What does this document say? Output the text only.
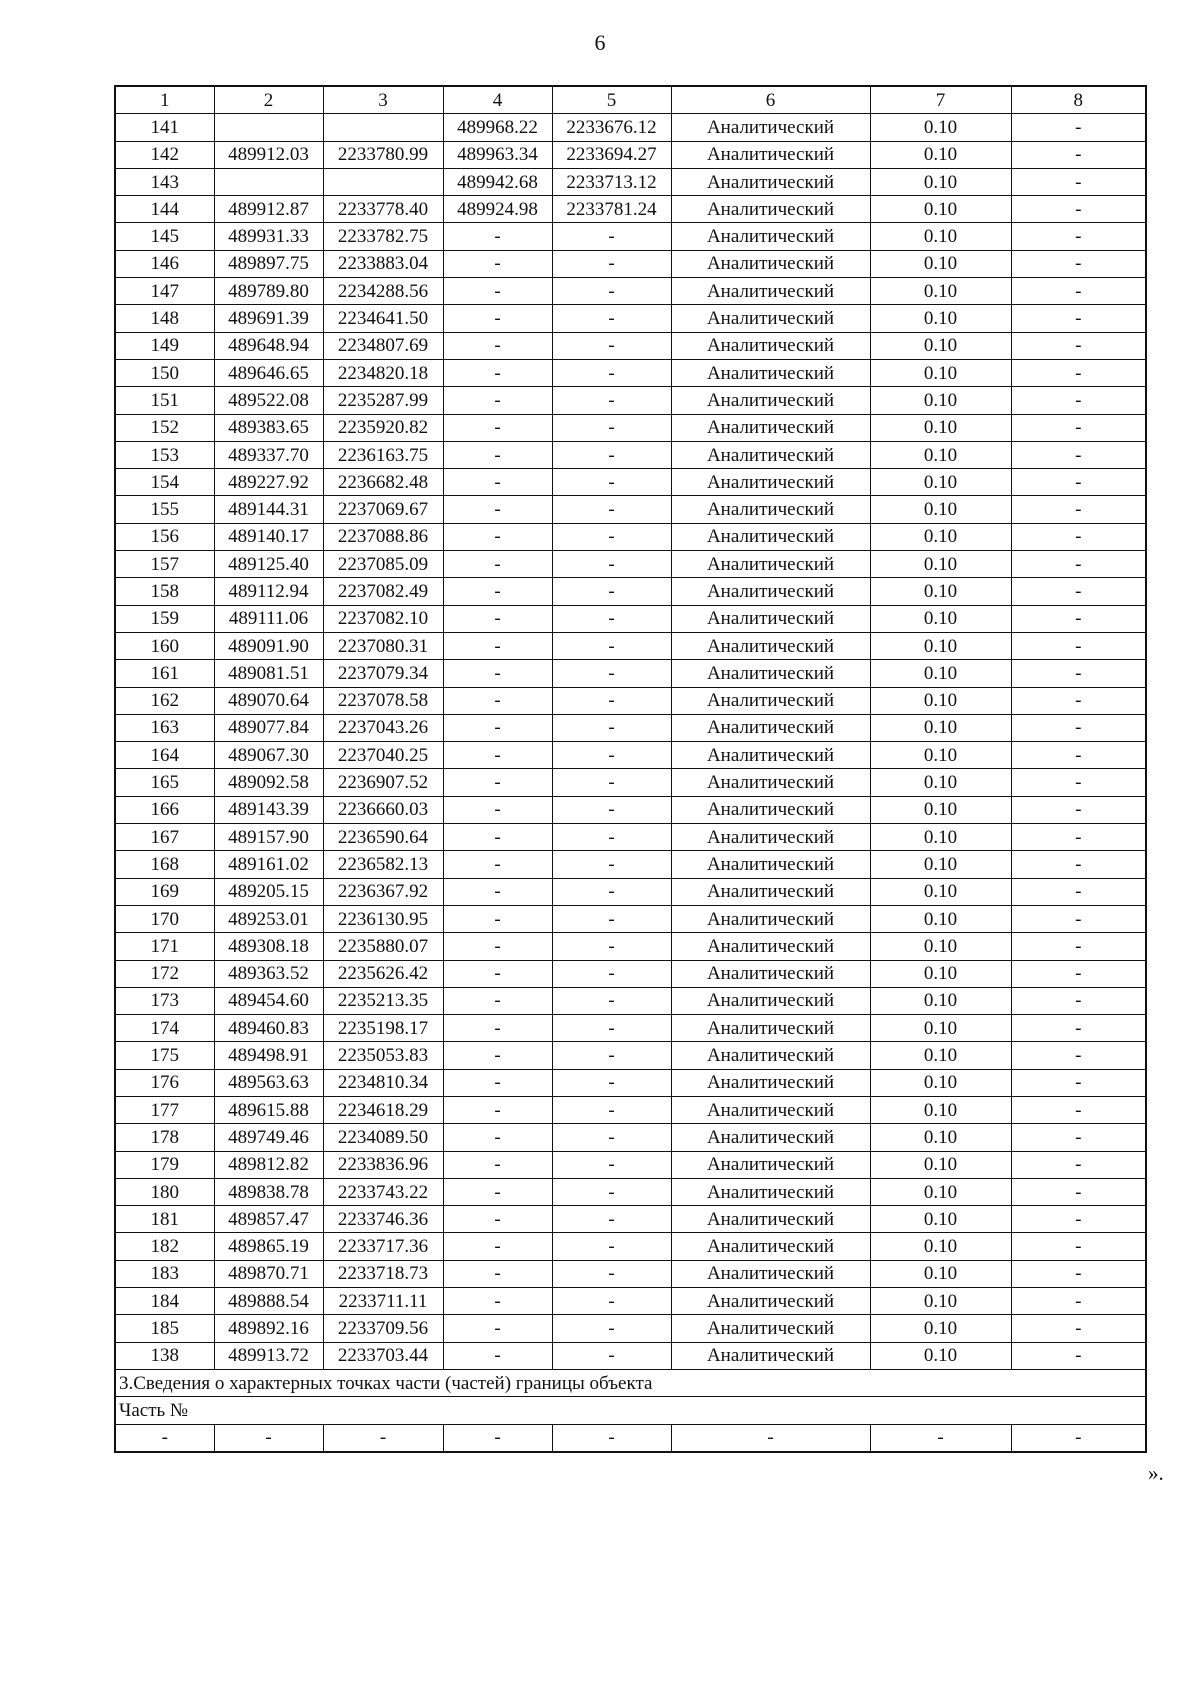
6
1	2	3	4	5	6	7	8
141			489968.22	2233676.12	Аналитический	0.10	-
142	489912.03	2233780.99	489963.34	2233694.27	Аналитический	0.10	-
143			489942.68	2233713.12	Аналитический	0.10	-
144	489912.87	2233778.40	489924.98	2233781.24	Аналитический	0.10	-
145	489931.33	2233782.75	-	-	Аналитический	0.10	-
146	489897.75	2233883.04	-	-	Аналитический	0.10	-
147	489789.80	2234288.56	-	-	Аналитический	0.10	-
148	489691.39	2234641.50	-	-	Аналитический	0.10	-
149	489648.94	2234807.69	-	-	Аналитический	0.10	-
150	489646.65	2234820.18	-	-	Аналитический	0.10	-
151	489522.08	2235287.99	-	-	Аналитический	0.10	-
152	489383.65	2235920.82	-	-	Аналитический	0.10	-
153	489337.70	2236163.75	-	-	Аналитический	0.10	-
154	489227.92	2236682.48	-	-	Аналитический	0.10	-
155	489144.31	2237069.67	-	-	Аналитический	0.10	-
156	489140.17	2237088.86	-	-	Аналитический	0.10	-
157	489125.40	2237085.09	-	-	Аналитический	0.10	-
158	489112.94	2237082.49	-	-	Аналитический	0.10	-
159	489111.06	2237082.10	-	-	Аналитический	0.10	-
160	489091.90	2237080.31	-	-	Аналитический	0.10	-
161	489081.51	2237079.34	-	-	Аналитический	0.10	-
162	489070.64	2237078.58	-	-	Аналитический	0.10	-
163	489077.84	2237043.26	-	-	Аналитический	0.10	-
164	489067.30	2237040.25	-	-	Аналитический	0.10	-
165	489092.58	2236907.52	-	-	Аналитический	0.10	-
166	489143.39	2236660.03	-	-	Аналитический	0.10	-
167	489157.90	2236590.64	-	-	Аналитический	0.10	-
168	489161.02	2236582.13	-	-	Аналитический	0.10	-
169	489205.15	2236367.92	-	-	Аналитический	0.10	-
170	489253.01	2236130.95	-	-	Аналитический	0.10	-
171	489308.18	2235880.07	-	-	Аналитический	0.10	-
172	489363.52	2235626.42	-	-	Аналитический	0.10	-
173	489454.60	2235213.35	-	-	Аналитический	0.10	-
174	489460.83	2235198.17	-	-	Аналитический	0.10	-
175	489498.91	2235053.83	-	-	Аналитический	0.10	-
176	489563.63	2234810.34	-	-	Аналитический	0.10	-
177	489615.88	2234618.29	-	-	Аналитический	0.10	-
178	489749.46	2234089.50	-	-	Аналитический	0.10	-
179	489812.82	2233836.96	-	-	Аналитический	0.10	-
180	489838.78	2233743.22	-	-	Аналитический	0.10	-
181	489857.47	2233746.36	-	-	Аналитический	0.10	-
182	489865.19	2233717.36	-	-	Аналитический	0.10	-
183	489870.71	2233718.73	-	-	Аналитический	0.10	-
184	489888.54	2233711.11	-	-	Аналитический	0.10	-
185	489892.16	2233709.56	-	-	Аналитический	0.10	-
138	489913.72	2233703.44	-	-	Аналитический	0.10	-
3.Сведения о характерных точках части (частей) границы объекта							
Часть №							
-	-	-	-	-	-	-	-
».
